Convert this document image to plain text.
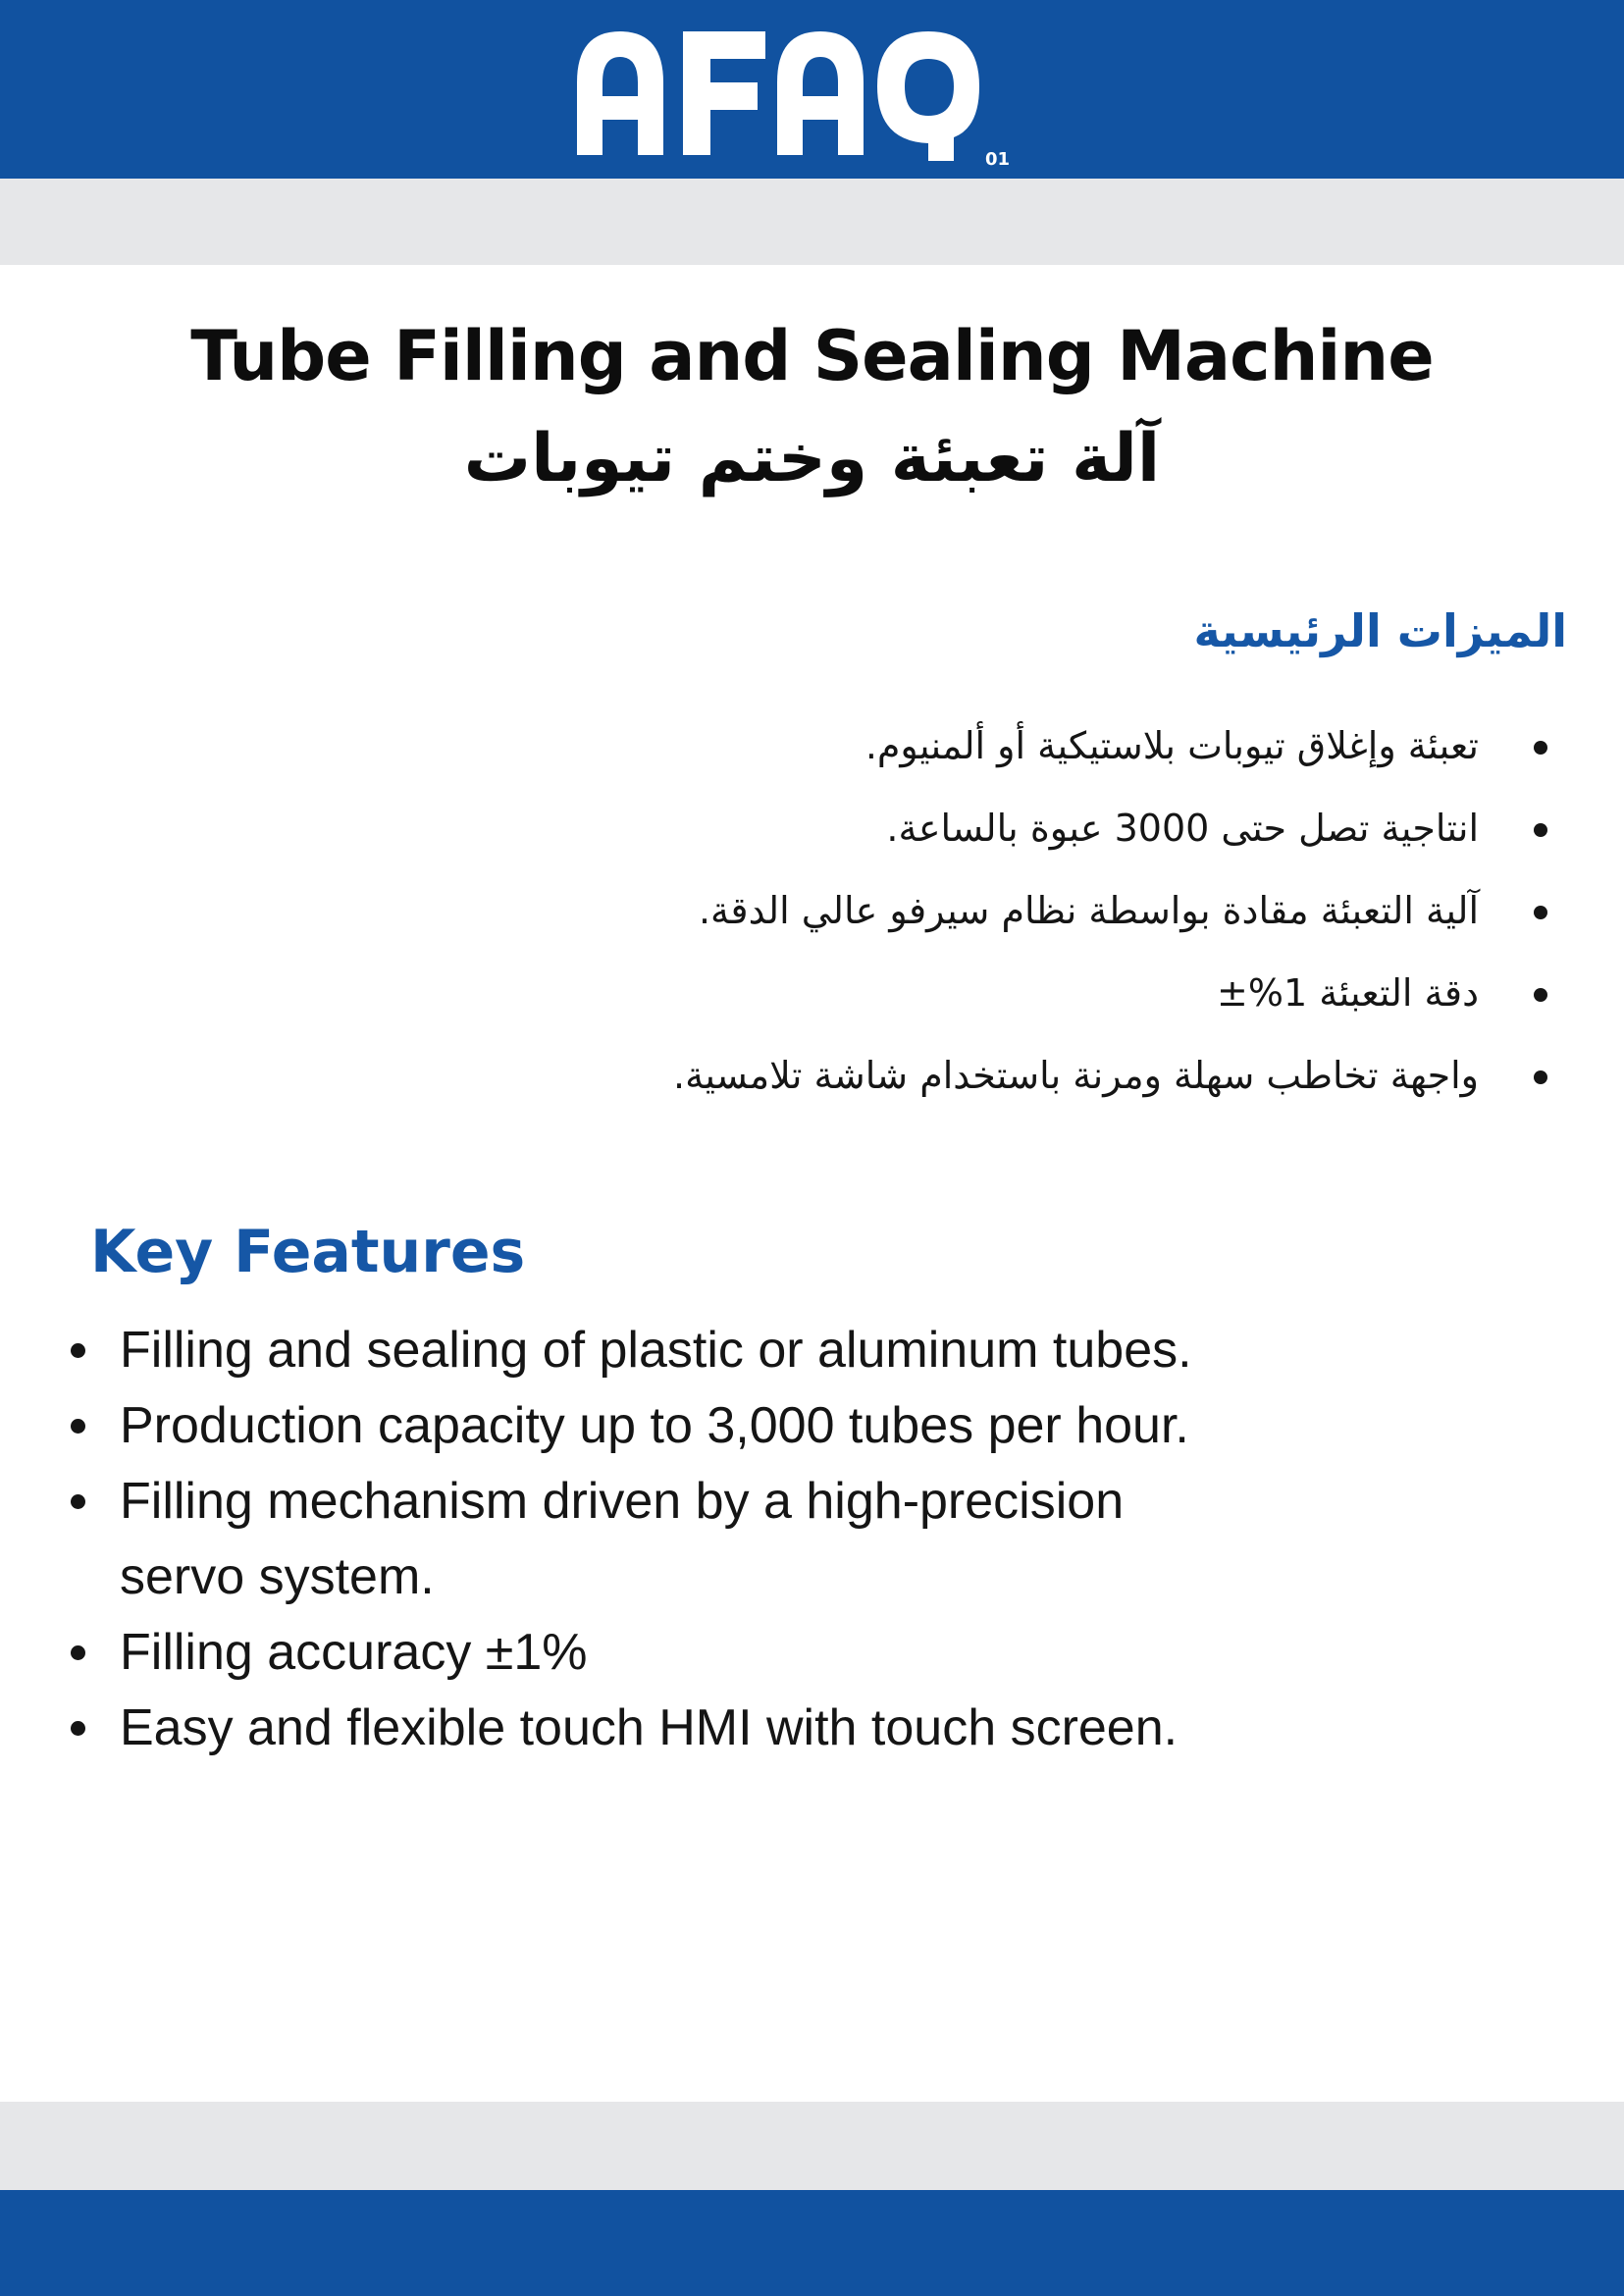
01
Tube Filling and Sealing Machine
آلة تعبئة وختم تيوبات
الميزات الرئيسية
تعبئة وإغلاق تيوبات بلاستيكية أو ألمنيوم.
انتاجية تصل حتى 3000 عبوة بالساعة.
آلية التعبئة مقادة بواسطة نظام سيرفو عالي الدقة.
دقة التعبئة 1%±
واجهة تخاطب سهلة ومرنة باستخدام شاشة تلامسية.
Key Features
Filling and sealing of plastic or aluminum tubes.
Production capacity up to 3,000 tubes per hour.
Filling mechanism driven by a high-precision servo system.
Filling accuracy ±1%
Easy and flexible touch HMI with touch screen.
